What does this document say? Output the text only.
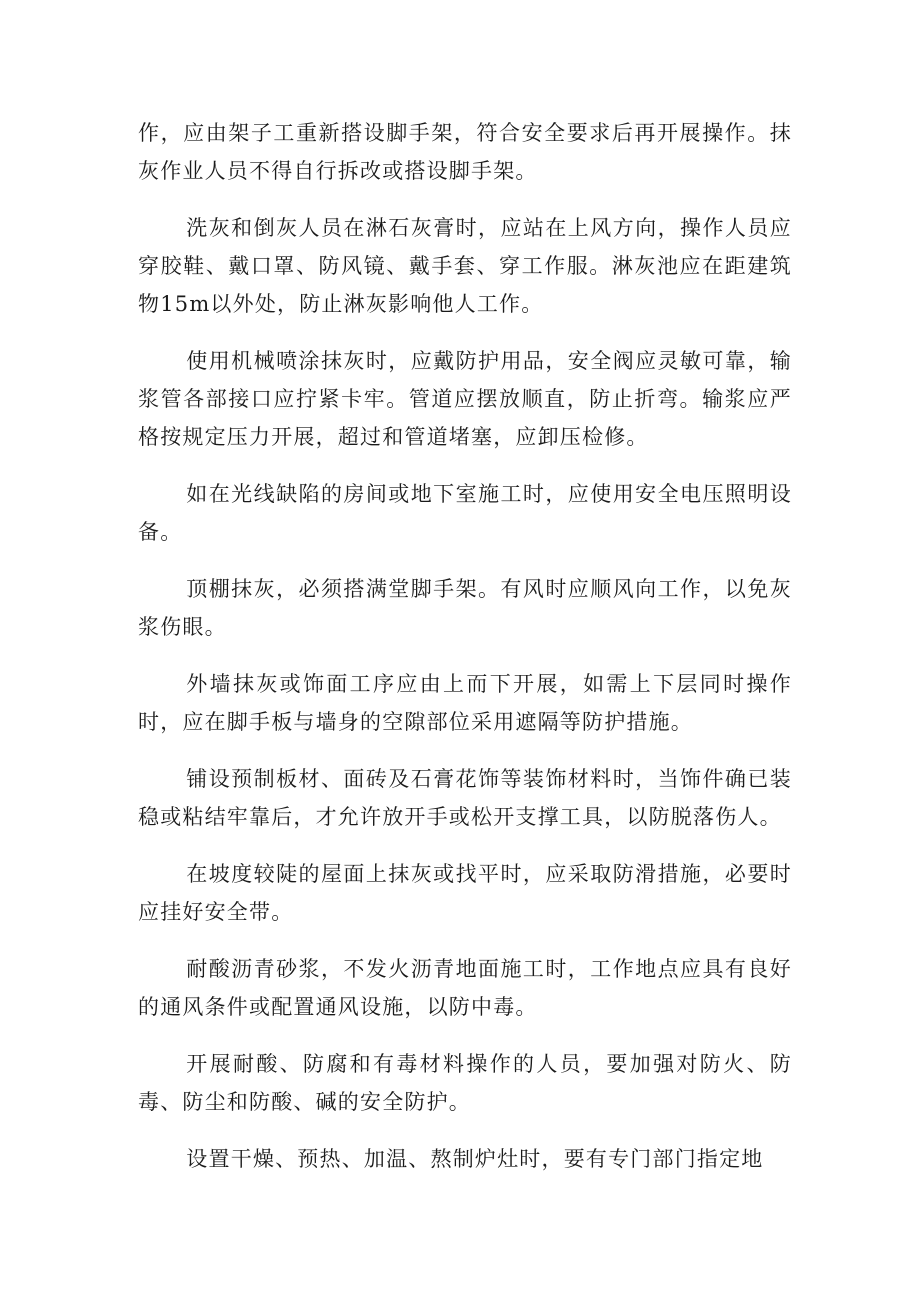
作，应由架子工重新搭设脚手架，符合安全要求后再开展操作。抹灰作业人员不得自行拆改或搭设脚手架。

洗灰和倒灰人员在淋石灰膏时，应站在上风方向，操作人员应穿胶鞋、戴口罩、防风镜、戴手套、穿工作服。淋灰池应在距建筑物15m以外处，防止淋灰影响他人工作。

使用机械喷涂抹灰时，应戴防护用品，安全阀应灵敏可靠，输浆管各部接口应拧紧卡牢。管道应摆放顺直，防止折弯。输浆应严格按规定压力开展，超过和管道堵塞，应卸压检修。

如在光线缺陷的房间或地下室施工时，应使用安全电压照明设备。

顶棚抹灰，必须搭满堂脚手架。有风时应顺风向工作，以免灰浆伤眼。

外墙抹灰或饰面工序应由上而下开展，如需上下层同时操作时，应在脚手板与墙身的空隙部位采用遮隔等防护措施。

铺设预制板材、面砖及石膏花饰等装饰材料时，当饰件确已装稳或粘结牢靠后，才允许放开手或松开支撑工具，以防脱落伤人。

在坡度较陡的屋面上抹灰或找平时，应采取防滑措施，必要时应挂好安全带。

耐酸沥青砂浆，不发火沥青地面施工时，工作地点应具有良好的通风条件或配置通风设施，以防中毒。

开展耐酸、防腐和有毒材料操作的人员，要加强对防火、防毒、防尘和防酸、碱的安全防护。

设置干燥、预热、加温、熬制炉灶时，要有专门部门指定地
